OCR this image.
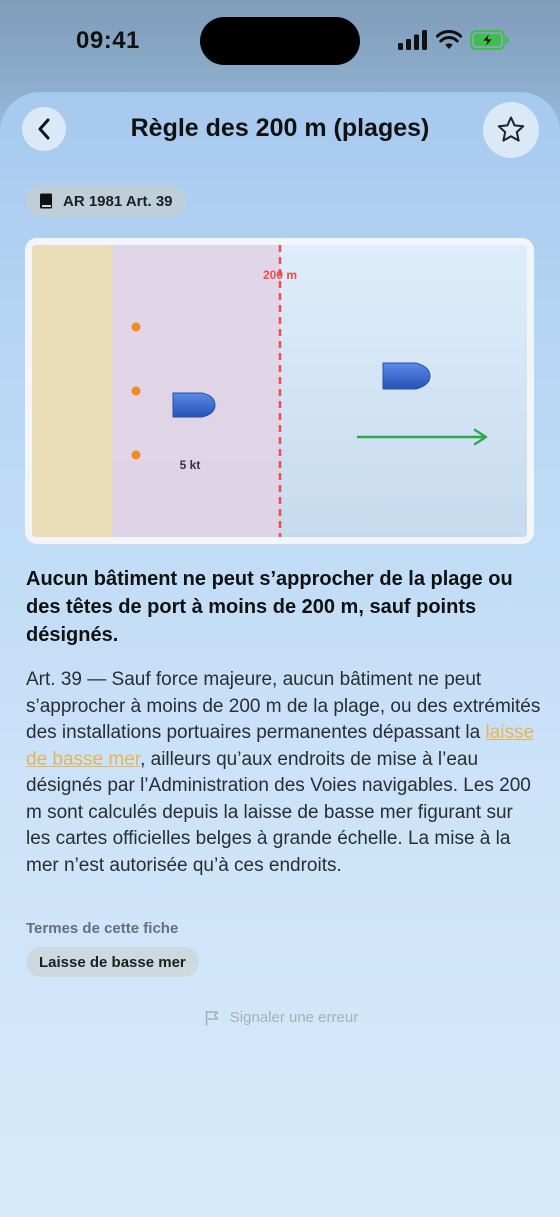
09:41
Règle des 200 m (plages)
AR 1981 Art. 39
200 m
5 kt
Aucun bâtiment ne peut s’approcher de la plage ou des têtes de port à moins de 200 m, sauf points désignés.
Art. 39 — Sauf force majeure, aucun bâtiment ne peut s’approcher à moins de 200 m de la plage, ou des extrémités des installations portuaires permanentes dépassant la laisse de basse mer, ailleurs qu’aux endroits de mise à l’eau désignés par l’Administration des Voies navigables. Les 200 m sont calculés depuis la laisse de basse mer figurant sur les cartes officielles belges à grande échelle. La mise à la mer n’est autorisée qu’à ces endroits.
Termes de cette fiche
Laisse de basse mer
Signaler une erreur
